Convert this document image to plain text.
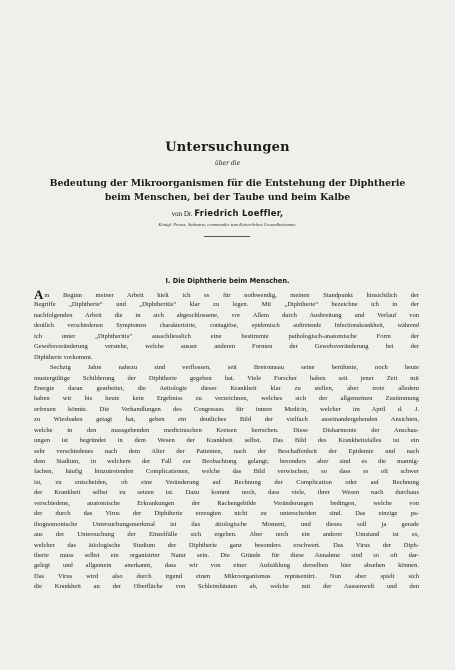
Untersuchungen
über die
Bedeutung der Mikroorganismen für die Entstehung der Diphtherie
beim Menschen, bei der Taube und beim Kalbe
von Dr. Friedrich Loeffler,
Königl. Preuss. Stabsarzt, commandirt zum Kaiserlichen Gesundheitsamte.
I. Die Diphtherie beim Menschen.
Am Beginn meiner Arbeit hielt ich es für nothwendig, meinen Standpunkt hinsichtlich der
Begriffe „Diphtherie“ und „Diphtheritis“ klar zu legen. Mit „Diphtherie“ bezeichne ich in der
nachfolgenden Arbeit die in sich abgeschlossene, vor Allem durch Ausbreitung und Verlauf von
deutlich verschiedenen Symptomen charakterisirte, contagiöse, epidemisch auftretende Infectionskrankheit, während
ich unter „Diphtheritis“ ausschliesslich eine bestimmte pathologisch-anatomische Form der
Gewebsveränderung verstehe, welche ausser anderen Formen der Gewebsveränderung bei der
Diphtherie vorkommt.
Sechzig Jahre nahezu sind verflossen, seit Bretonneau seine berühmte, noch heute
mustergültige Schilderung der Diphtherie gegeben hat. Viele Forscher haben seit jener Zeit mit
Energie daran gearbeitet, die Aetiologie dieser Krankheit klar zu stellen, aber trotz alledem
haben wir bis heute kein Ergebniss zu verzeichnen, welches sich der allgemeinen Zustimmung
erfreuen könnte. Die Verhandlungen des Congresses für innere Medicin, welcher im April d. J.
zu Wiesbaden getagt hat, geben ein deutliches Bild der vielfach auseinandergehenden Ansichten,
welche in den massgebenden medicinischen Kreisen herrschen. Diese Disharmonie der Anschau-
ungen ist begründet in dem Wesen der Krankheit selbst. Das Bild des Krankheitsfalles ist ein
sehr verschiedenes nach dem Alter der Patienten, nach der Beschaffenheit der Epidemie und nach
dem Stadium, in welchem der Fall zur Beobachtung gelangt; besonders aber sind es die mannig-
fachen, häufig hinzutretenden Complicationen, welche das Bild verwischen, so dass es oft schwer
ist, zu entscheiden, ob eine Veränderung auf Rechnung der Complication oder auf Rechnung
der Krankheit selbst zu setzen ist. Dazu kommt noch, dass viele, ihrer Wesen nach durchaus
verschiedene, anatomische Erkrankungen der Rachengebilde Veränderungen bedingen, welche von
der durch das Virus der Diphtherie erzeugten nicht zu unterscheiden sind. Das einzige pa-
thognomonische Untersuchungsmerkmal ist das ätiologische Moment, und dieses soll ja gerade
aus der Untersuchung der Einzelfälle sich ergeben. Aber noch ein anderer Umstand ist es,
welcher das ätiologische Studium der Diphtherie ganz besonders erschwert. Das Virus der Diph-
therie muss selbst ein organisirter Natur sein. Die Gründe für diese Annahme sind so oft dar-
gelegt und allgemein anerkannt, dass wir von einer Aufzählung derselben hier absehen können.
Das Virus wird also durch irgend einen Mikroorganismus repräsentirt. Nun aber spielt sich
die Krankheit an der Oberfläche von Schleimhäuten ab, welche mit der Aussenwelt und den
